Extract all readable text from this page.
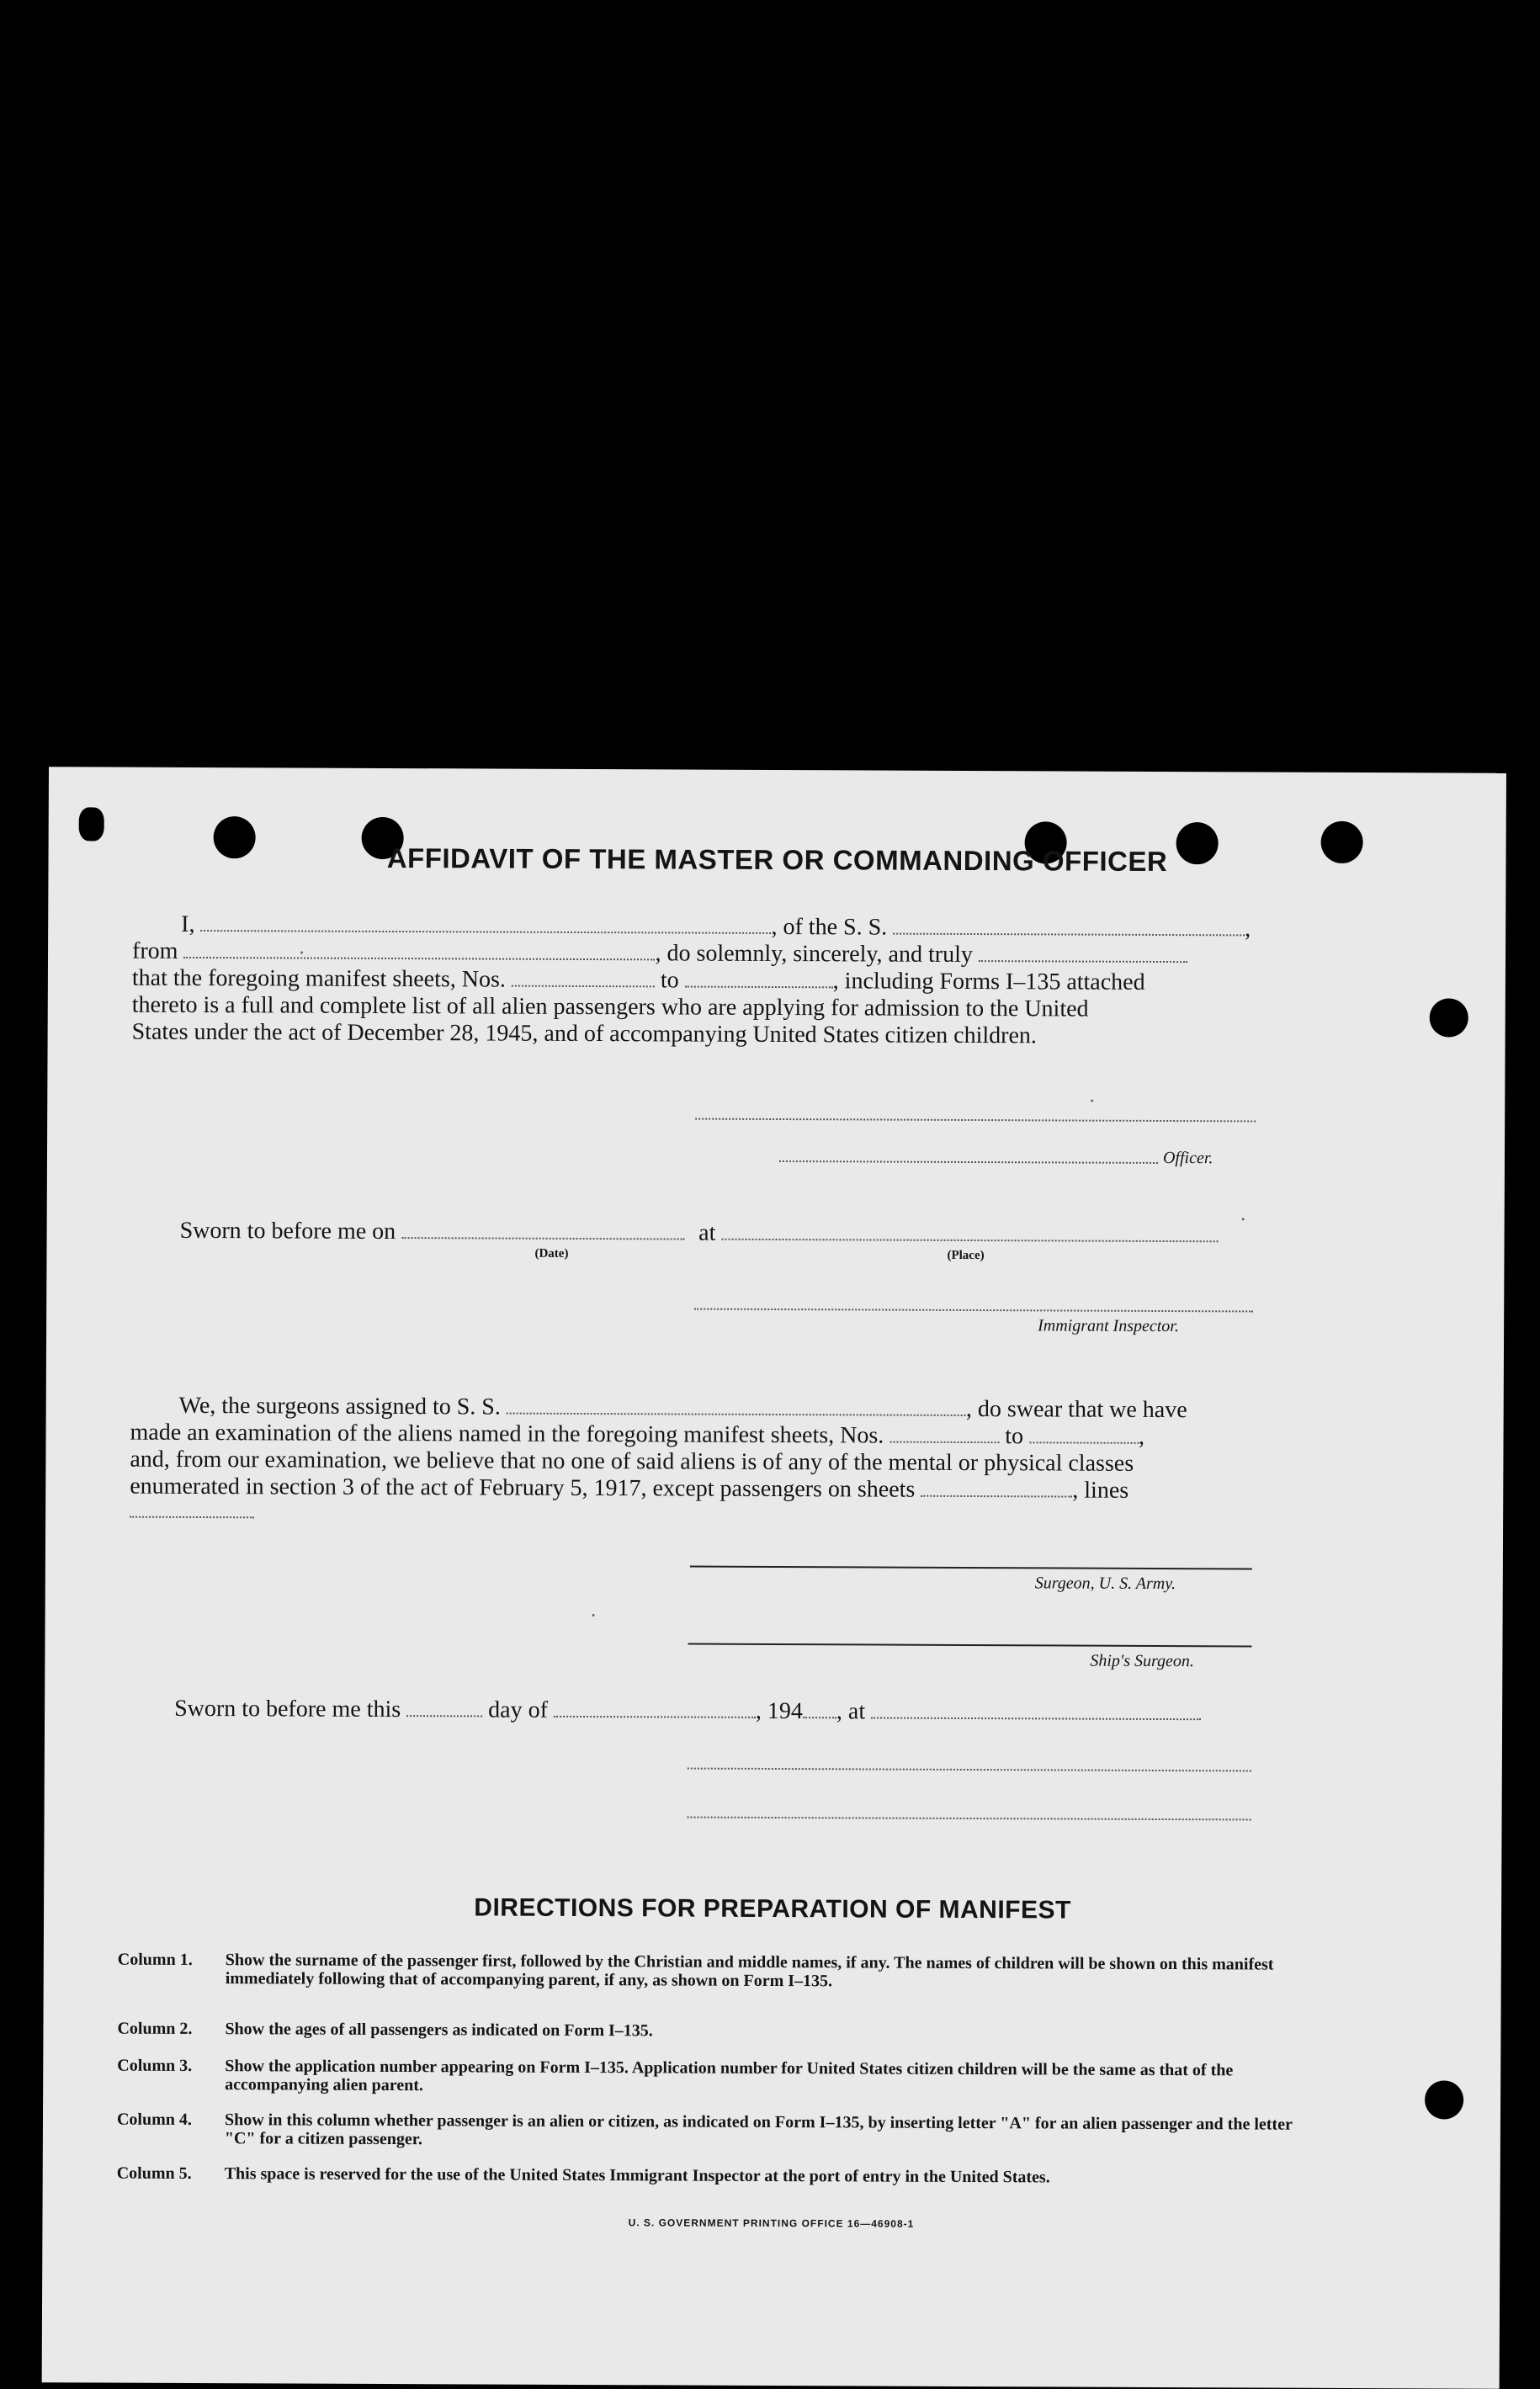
AFFIDAVIT OF THE MASTER OR COMMANDING OFFICER
I,	, of the S. S.	,
from	, do solemnly, sincerely, and truly
that the foregoing manifest sheets, Nos.	to	, including Forms I–135 attached
thereto is a full and complete list of all alien passengers who are applying for admission to the United
States under the act of December 28, 1945, and of accompanying United States citizen children.
Officer.
Sworn to before me on	at
(Date)	(Place)
Immigrant Inspector.
We, the surgeons assigned to S. S.	, do swear that we have
made an examination of the aliens named in the foregoing manifest sheets, Nos.	to	,
and, from our examination, we believe that no one of said aliens is of any of the mental or physical classes
enumerated in section 3 of the act of February 5, 1917, except passengers on sheets	, lines
Surgeon, U. S. Army.
Ship's Surgeon.
Sworn to before me this	day of	, 194 , at
DIRECTIONS FOR PREPARATION OF MANIFEST
Column 1.	Show the surname of the passenger first, followed by the Christian and middle names, if any. The names of children will be shown on this manifest immediately following that of accompanying parent, if any, as shown on Form I–135.
Column 2.	Show the ages of all passengers as indicated on Form I–135.
Column 3.	Show the application number appearing on Form I–135. Application number for United States citizen children will be the same as that of the accompanying alien parent.
Column 4.	Show in this column whether passenger is an alien or citizen, as indicated on Form I–135, by inserting letter "A" for an alien passenger and the letter "C" for a citizen passenger.
Column 5.	This space is reserved for the use of the United States Immigrant Inspector at the port of entry in the United States.
U. S. GOVERNMENT PRINTING OFFICE 16—46908-1
